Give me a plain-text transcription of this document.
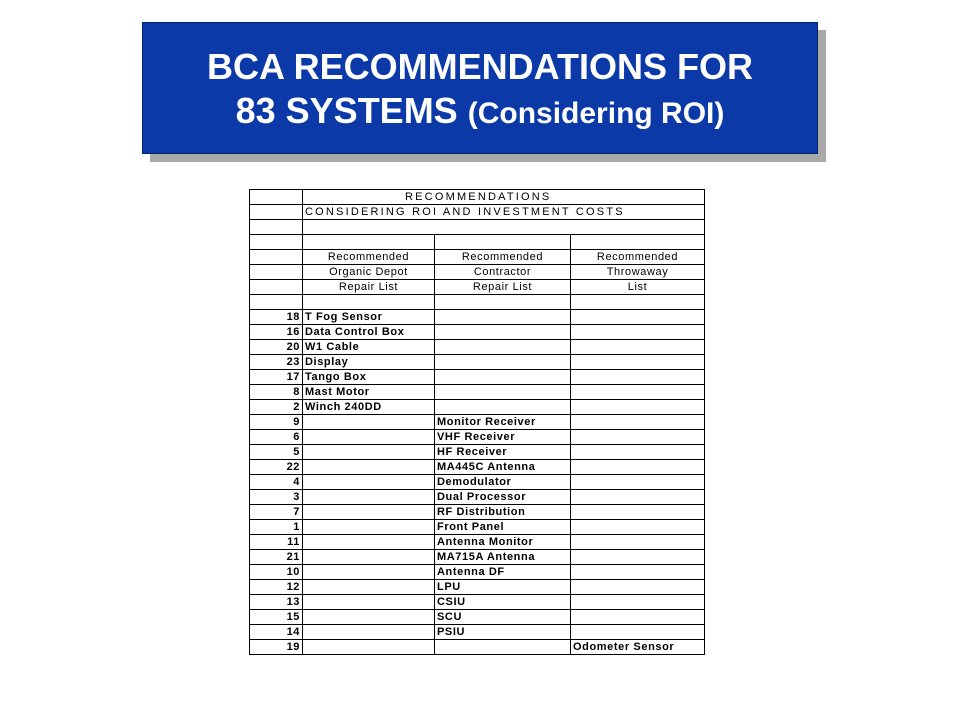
BCA RECOMMENDATIONS FOR
83 SYSTEMS (Considering ROI)
	RECOMMENDATIONS		
	CONSIDERING ROI AND INVESTMENT COSTS		

	Recommended	Recommended	Recommended
	Organic Depot	Contractor	Throwaway
	Repair List	Repair List	List

18	T Fog Sensor		
16	Data Control Box		
20	W1 Cable		
23	Display		
17	Tango Box		
8	Mast Motor		
2	Winch 240DD		
9		Monitor Receiver	
6		VHF Receiver	
5		HF Receiver	
22		MA445C Antenna	
4		Demodulator	
3		Dual Processor	
7		RF Distribution	
1		Front Panel	
11		Antenna Monitor	
21		MA715A Antenna	
10		Antenna DF	
12		LPU	
13		CSIU	
15		SCU	
14		PSIU	
19			Odometer Sensor
